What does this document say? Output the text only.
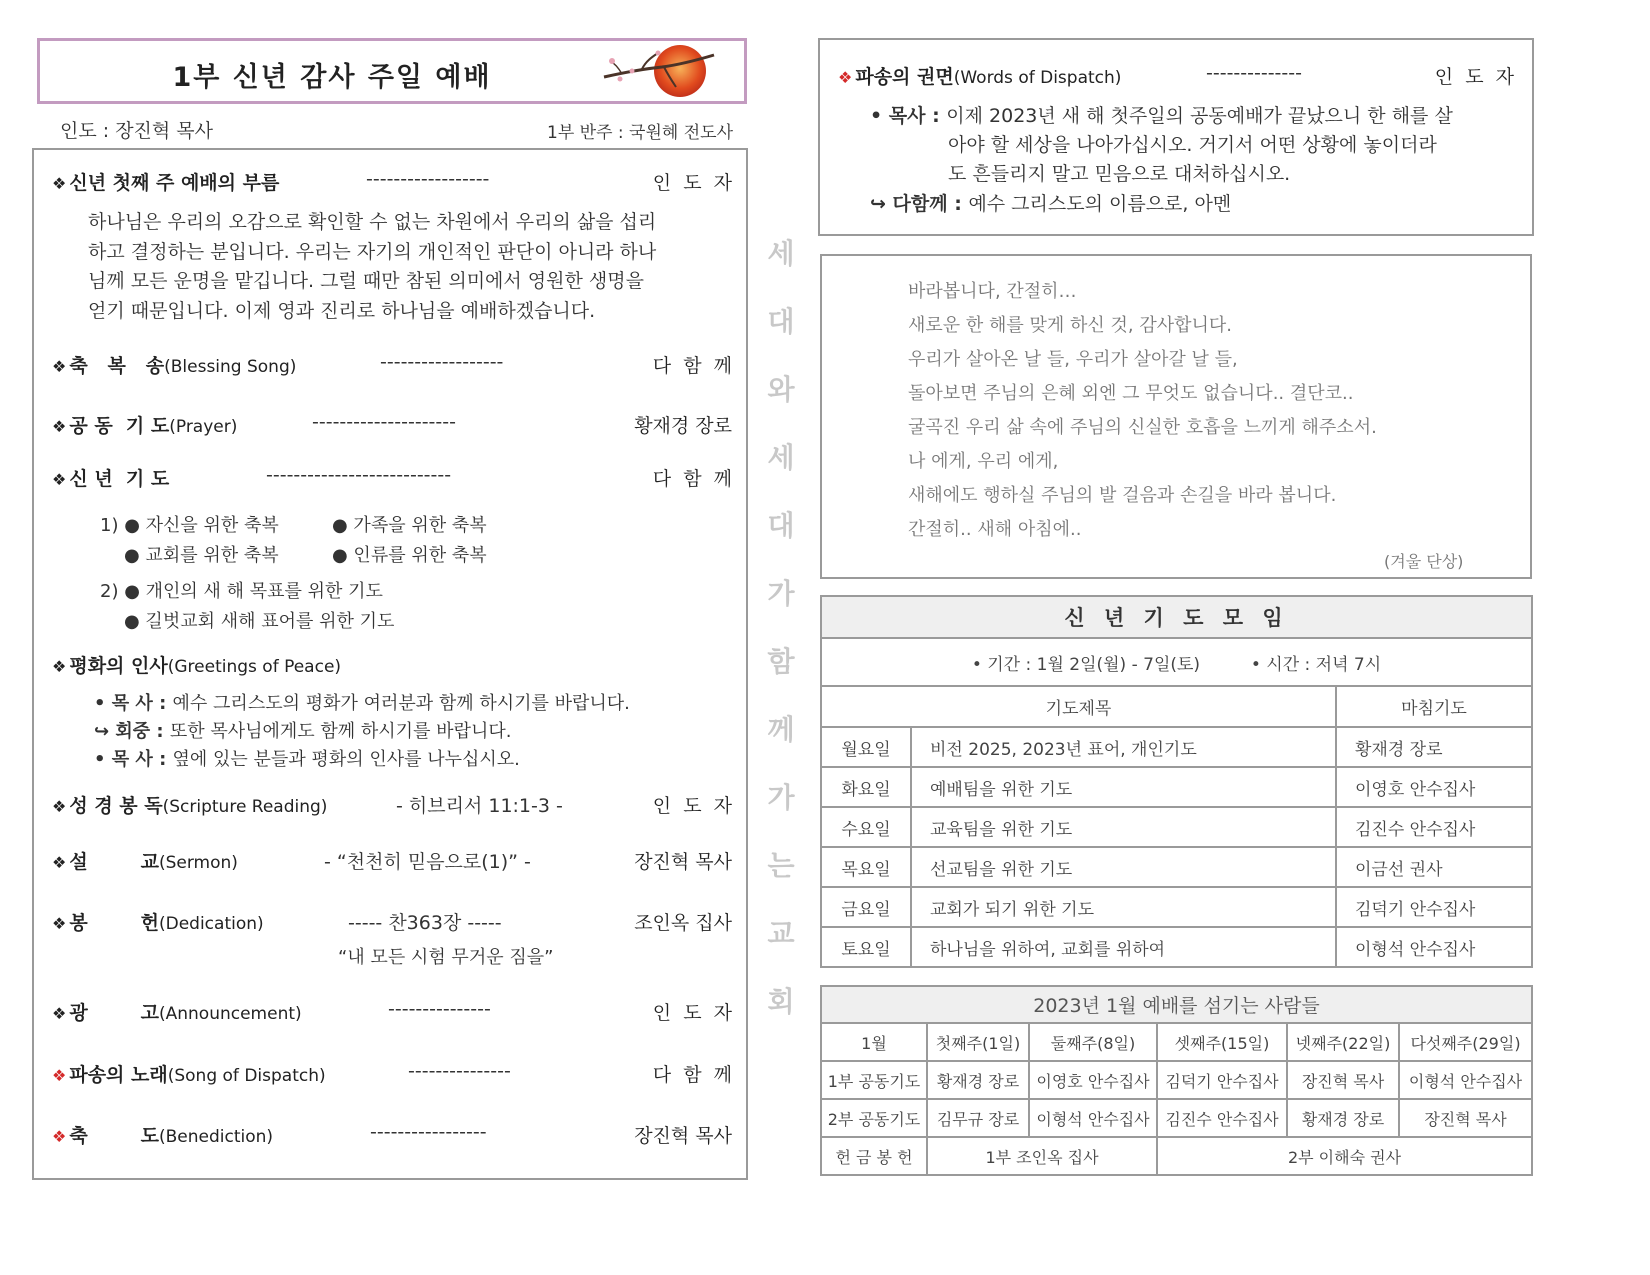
1부 신년 감사 주일 예배
인도 : 장진혁 목사	1부 반주 : 국원혜 전도사
❖ 신년 첫째 주 예배의 부름	------------------	인  도  자
하나님은 우리의 오감으로 확인할 수 없는 차원에서 우리의 삶을 섭리
하고 결정하는 분입니다. 우리는 자기의 개인적인 판단이 아니라 하나
님께 모든 운명을 맡깁니다. 그럴 때만 참된 의미에서 영원한 생명을
얻기 때문입니다. 이제 영과 진리로 하나님을 예배하겠습니다.
❖ 축   복   송(Blessing Song)	------------------	다  함  께
❖ 공 동  기 도(Prayer)	---------------------	황재경 장로
❖ 신 년  기 도	---------------------------	다  함  께
1) ● 자신을 위한 축복	● 가족을 위한 축복
● 교회를 위한 축복	● 인류를 위한 축복
2) ● 개인의 새 해 목표를 위한 기도
● 길벗교회 새해 표어를 위한 기도
❖ 평화의 인사(Greetings of Peace)
• 목 사 : 예수 그리스도의 평화가 여러분과 함께 하시기를 바랍니다.
↪ 회중 : 또한 목사님에게도 함께 하시기를 바랍니다.
• 목 사 : 옆에 있는 분들과 평화의 인사를 나누십시오.
❖ 성 경 봉 독(Scripture Reading)	- 히브리서 11:1-3 -	인  도  자
❖ 설        교(Sermon)	- “천천히 믿음으로(1)” -	장진혁 목사
❖ 봉        헌(Dedication)	----- 찬363장 -----	조인옥 집사
“내 모든 시험 무거운 짐을”
❖ 광        고(Announcement)	---------------	인  도  자
❖ 파송의 노래(Song of Dispatch)	---------------	다  함  께
❖ 축        도(Benediction)	-----------------	장진혁 목사
세
대
와
세
대
가
함
께
가
는
교
회
❖ 파송의 권면(Words of Dispatch)	--------------	인  도  자
• 목사 : 이제 2023년 새 해 첫주일의 공동예배가 끝났으니 한 해를 살
아야 할 세상을 나아가십시오. 거기서 어떤 상황에 놓이더라
도 흔들리지 말고 믿음으로 대처하십시오.
↪ 다함께 : 예수 그리스도의 이름으로, 아멘
바라봅니다, 간절히…
새로운 한 해를 맞게 하신 것, 감사합니다.
우리가 살아온 날 들, 우리가 살아갈 날 들,
돌아보면 주님의 은혜 외엔 그 무엇도 없습니다.. 결단코..
굴곡진 우리 삶 속에 주님의 신실한 호흡을 느끼게 해주소서.
나 에게, 우리 에게,
새해에도 행하실 주님의 발 걸음과 손길을 바라 봅니다.
간절히.. 새해 아침에..
(겨울 단상)
신 년 기 도 모 임		
• 기간 : 1월 2일(월) - 7일(토) • 시간 : 저녁 7시		
기도제목		마침기도
월요일	비전 2025, 2023년 표어, 개인기도	황재경 장로
화요일	예배팀을 위한 기도	이영호 안수집사
수요일	교육팀을 위한 기도	김진수 안수집사
목요일	선교팀을 위한 기도	이금선 권사
금요일	교회가 되기 위한 기도	김덕기 안수집사
토요일	하나님을 위하여, 교회를 위하여	이형석 안수집사
2023년 1월 예배를 섬기는 사람들					
1월	첫째주(1일)	둘째주(8일)	셋째주(15일)	넷째주(22일)	다섯째주(29일)
1부 공동기도	황재경 장로	이영호 안수집사	김덕기 안수집사	장진혁 목사	이형석 안수집사
2부 공동기도	김무규 장로	이형석 안수집사	김진수 안수집사	황재경 장로	장진혁 목사
헌 금 봉 헌	1부 조인옥 집사		2부 이해숙 권사		
